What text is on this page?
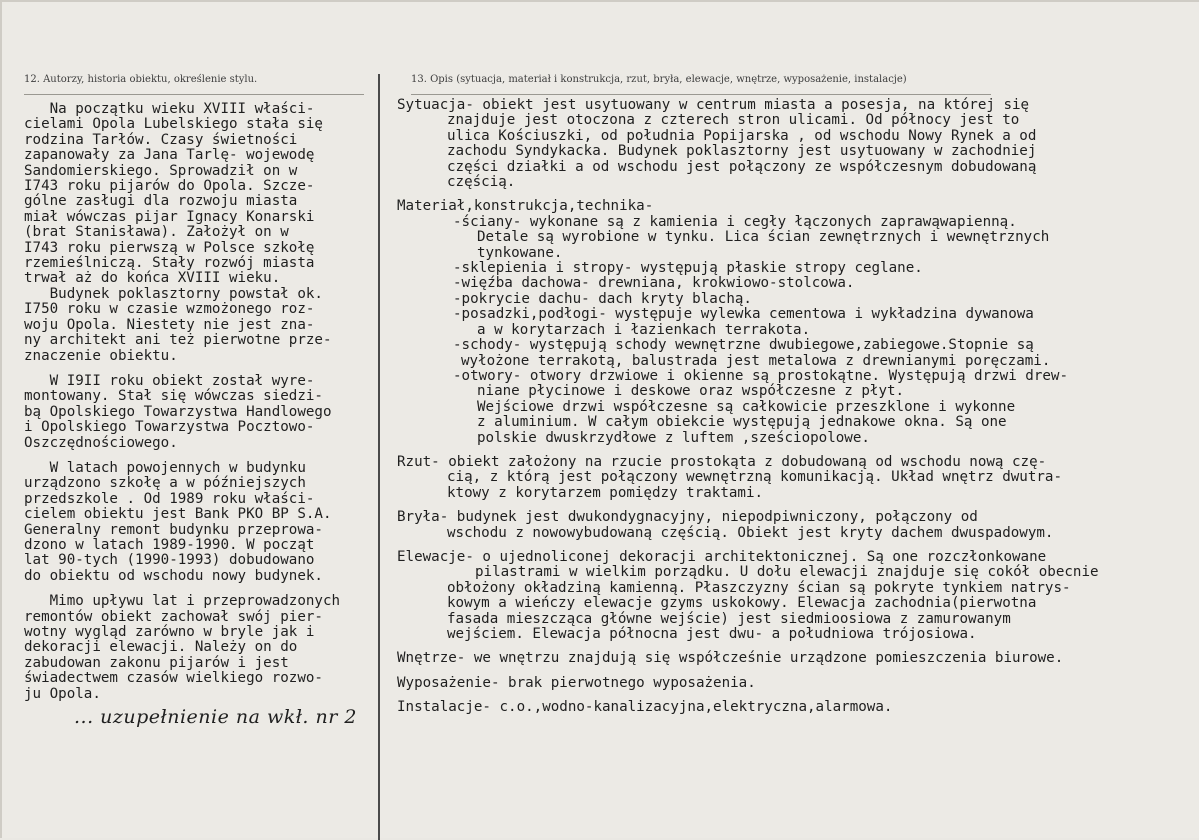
12. Autorzy, historia obiektu, określenie stylu.
Na początku wieku XVIII właści-
cielami Opola Lubelskiego stała się
rodzina Tarłów. Czasy świetności
zapanowały za Jana Tarlę- wojewodę
Sandomierskiego. Sprowadził on w
I743 roku pijarów do Opola. Szcze-
gólne zasługi dla rozwoju miasta
miał wówczas pijar Ignacy Konarski
(brat Stanisława). Założył on w
I743 roku pierwszą w Polsce szkołę
rzemieślniczą. Stały rozwój miasta
trwał aż do końca XVIII wieku.
Budynek poklasztorny powstał ok.
I750 roku w czasie wzmożonego roz-
woju Opola. Niestety nie jest zna-
ny architekt ani też pierwotne prze-
znaczenie obiektu.
W I9II roku obiekt został wyre-
montowany. Stał się wówczas siedzi-
bą Opolskiego Towarzystwa Handlowego
i Opolskiego Towarzystwa Pocztowo-
Oszczędnościowego.
W latach powojennych w budynku
urządzono szkołę a w późniejszych
przedszkole . Od 1989 roku właści-
cielem obiektu jest Bank PKO BP S.A.
Generalny remont budynku przeprowa-
dzono w latach 1989-1990. W począt
lat 90-tych (1990-1993) dobudowano
do obiektu od wschodu nowy budynek.
Mimo upływu lat i przeprowadzonych
remontów obiekt zachował swój pier-
wotny wygląd zarówno w bryle jak i
dekoracji elewacji. Należy on do
zabudowan zakonu pijarów i jest
świadectwem czasów wielkiego rozwo-
ju Opola.
... uzupełnienie na wkł. nr 2
13. Opis (sytuacja, materiał i konstrukcja, rzut, bryła, elewacje, wnętrze, wyposażenie, instalacje)
Sytuacja- obiekt jest usytuowany w centrum miasta a posesja, na której się
znajduje jest otoczona z czterech stron ulicami. Od północy jest to
ulica Kościuszki, od południa Popijarska , od wschodu Nowy Rynek a od
zachodu Syndykacka. Budynek poklasztorny jest usytuowany w zachodniej
części działki a od wschodu jest połączony ze współczesnym dobudowaną
częścią.
Materiał,konstrukcja,technika-
-ściany- wykonane są z kamienia i cegły łączonych zaprawąwapienną.
Detale są wyrobione w tynku. Lica ścian zewnętrznych i wewnętrznych
tynkowane.
-sklepienia i stropy- występują płaskie stropy ceglane.
-więźba dachowa- drewniana, krokwiowo-stolcowa.
-pokrycie dachu- dach kryty blachą.
-posadzki,podłogi- występuje wylewka cementowa i wykładzina dywanowa
a w korytarzach i łazienkach terrakota.
-schody- występują schody wewnętrzne dwubiegowe,zabiegowe.Stopnie są
wyłożone terrakotą, balustrada jest metalowa z drewnianymi poręczami.
-otwory- otwory drzwiowe i okienne są prostokątne. Występują drzwi drew-
niane płycinowe i deskowe oraz współczesne z płyt.
Wejściowe drzwi współczesne są całkowicie przeszklone i wykonne
z aluminium. W całym obiekcie występują jednakowe okna. Są one
polskie dwuskrzydłowe z luftem ,sześciopolowe.
Rzut- obiekt założony na rzucie prostokąta z dobudowaną od wschodu nową czę-
cią, z którą jest połączony wewnętrzną komunikacją. Układ wnętrz dwutra-
ktowy z korytarzem pomiędzy traktami.
Bryła- budynek jest dwukondygnacyjny, niepodpiwniczony, połączony od
wschodu z nowowybudowaną częścią. Obiekt jest kryty dachem dwuspadowym.
Elewacje- o ujednoliconej dekoracji architektonicznej. Są one rozczłonkowane
pilastrami w wielkim porządku. U dołu elewacji znajduje się cokół obecnie
obłożony okładziną kamienną. Płaszczyzny ścian są pokryte tynkiem natrys-
kowym a wieńczy elewacje gzyms uskokowy. Elewacja zachodnia(pierwotna
fasada mieszcząca główne wejście) jest siedmioosiowa z zamurowanym
wejściem. Elewacja północna jest dwu- a południowa trójosiowa.
Wnętrze- we wnętrzu znajdują się współcześnie urządzone pomieszczenia biurowe.
Wyposażenie- brak pierwotnego wyposażenia.
Instalacje- c.o.,wodno-kanalizacyjna,elektryczna,alarmowa.
